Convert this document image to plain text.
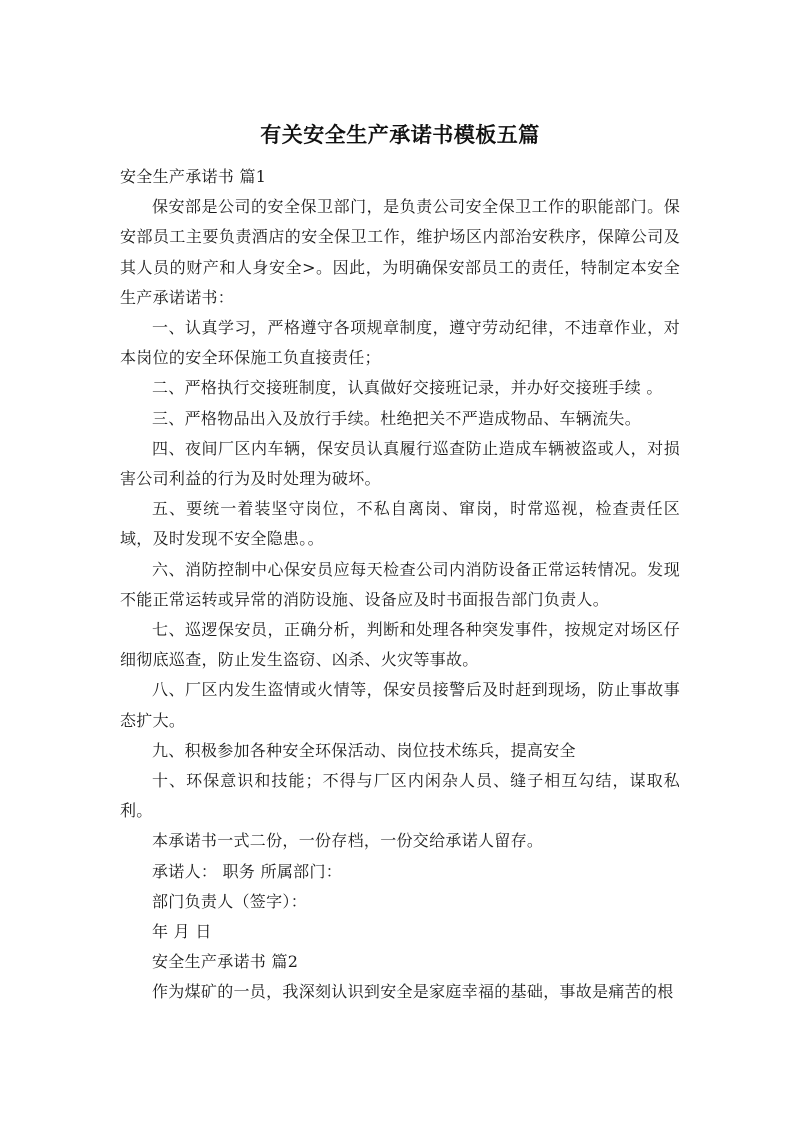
有关安全生产承诺书模板五篇

安全生产承诺书 篇1

保安部是公司的安全保卫部门，是负责公司安全保卫工作的职能部门。保安部员工主要负责酒店的安全保卫工作，维护场区内部治安秩序，保障公司及其人员的财产和人身安全>。因此，为明确保安部员工的责任，特制定本安全生产承诺诺书：

一、认真学习，严格遵守各项规章制度，遵守劳动纪律，不违章作业，对本岗位的安全环保施工负直接责任；

二、严格执行交接班制度，认真做好交接班记录，并办好交接班手续 。

三、严格物品出入及放行手续。杜绝把关不严造成物品、车辆流失。

四、夜间厂区内车辆，保安员认真履行巡查防止造成车辆被盗或人，对损害公司利益的行为及时处理为破坏。

五、要统一着装坚守岗位，不私自离岗、窜岗，时常巡视，检查责任区域，及时发现不安全隐患。。

六、消防控制中心保安员应每天检查公司内消防设备正常运转情况。发现不能正常运转或异常的消防设施、设备应及时书面报告部门负责人。

七、巡逻保安员，正确分析，判断和处理各种突发事件，按规定对场区仔细彻底巡查，防止发生盗窃、凶杀、火灾等事故。

八、厂区内发生盗情或火情等，保安员接警后及时赶到现场，防止事故事态扩大。

九、积极参加各种安全环保活动、岗位技术练兵，提高安全

十、环保意识和技能；不得与厂区内闲杂人员、缝子相互勾结，谋取私利。

本承诺书一式二份，一份存档，一份交给承诺人留存。

承诺人： 职务 所属部门：

部门负责人（签字）：

年 月 日

安全生产承诺书 篇2

作为煤矿的一员，我深刻认识到安全是家庭幸福的基础，事故是痛苦的根
